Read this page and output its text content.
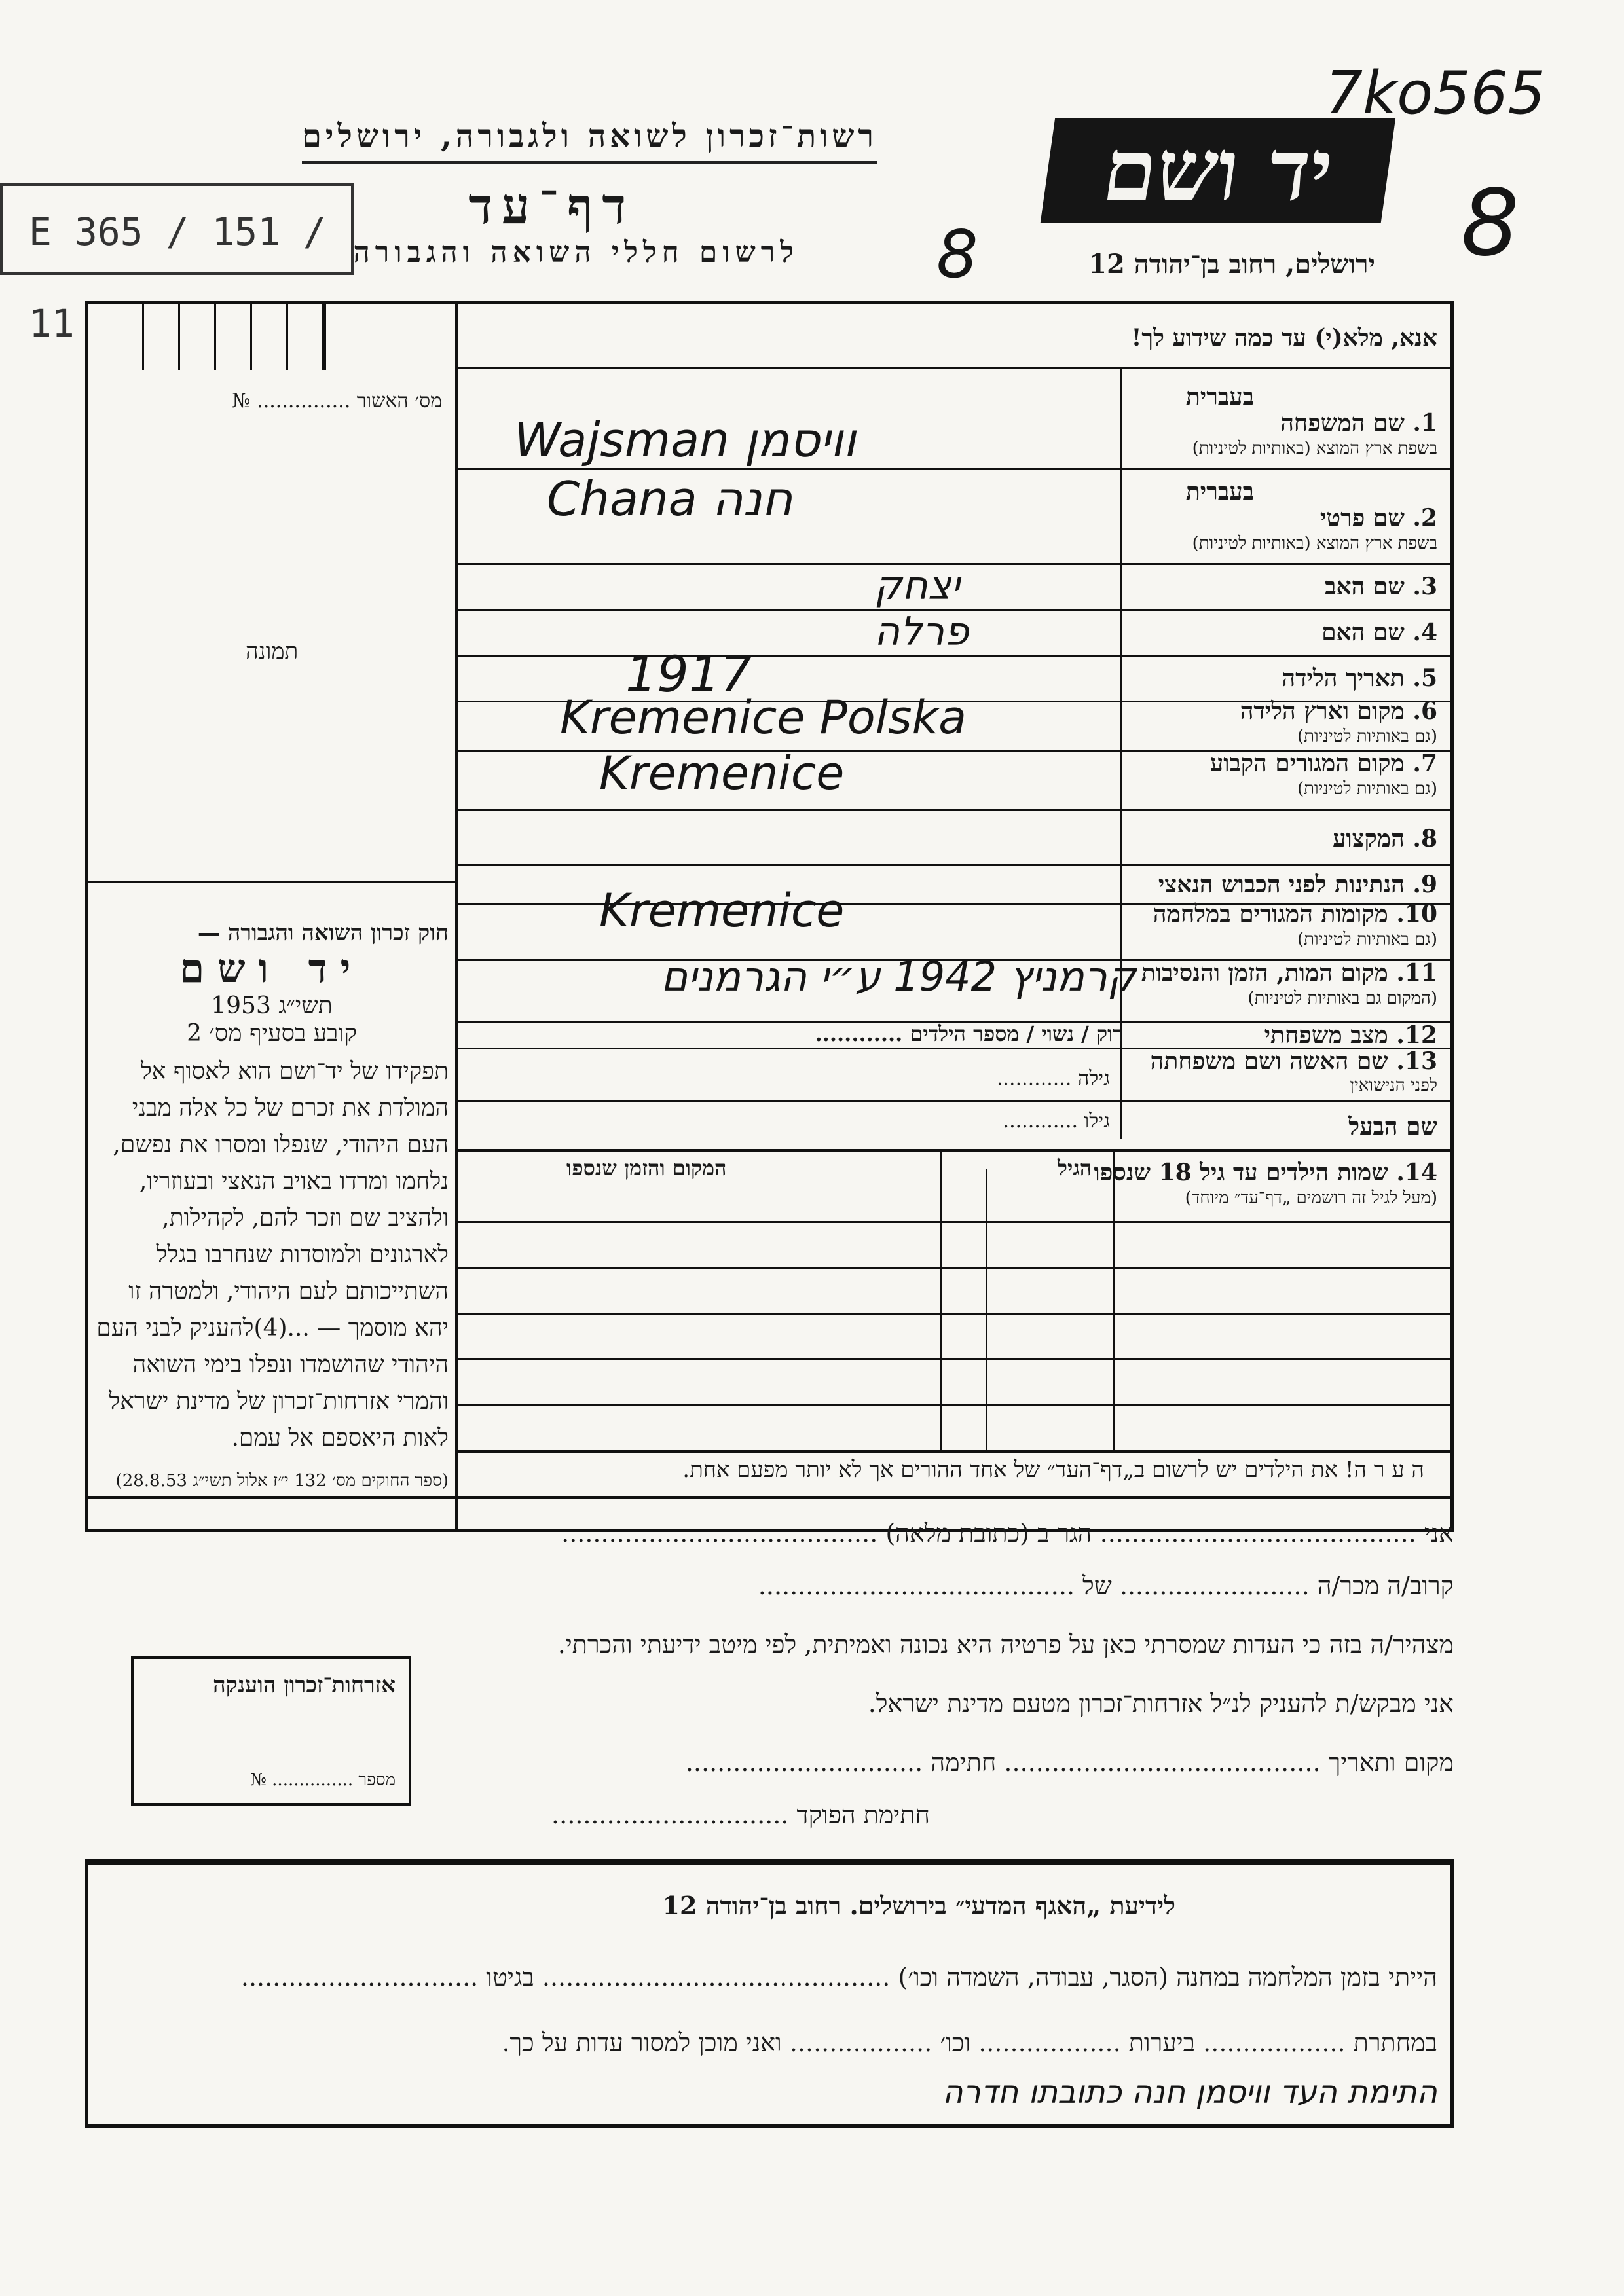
יד ושם
רשות־זכרון לשואה ולגבורה, ירושלים
דף־עד
לרשום חללי השואה והגבורה	ירושלים, רחוב בן־יהודה 12
E 365 / 151 / 11
7ko565
8
8
מס׳ האשור ............... №
תמונה
חוק זכרון השואה והגבורה —
יד ושם
תשי״ג 1953
קובע בסעיף מס׳ 2
תפקידו של יד־ושם הוא לאסוף אל המולדת את זכרם של כל אלה מבני העם היהודי, שנפלו ומסרו את נפשם, נלחמו ומרדו באויב הנאצי ובעוזריו, ולהציב שם וזכר להם, לקהילות, לארגונים ולמוסדות שנחרבו בגלל השתייכותם לעם היהודי, ולמטרה זו יהא מוסמך — ...(4)להעניק לבני העם היהודי שהושמדו ונפלו בימי השואה והמרי אזרחות־זכרון של מדינת ישראל לאות היאספם אל עמם.
(ספר החוקים מס׳ 132 י״ז אלול תשי״ג 28.8.53)
אנא, מלא(י) עד כמה שידוע לך!
בעברית
1. שם המשפחה
בשפת ארץ המוצא (באותיות לטיניות)
Wajsman וויסמן
בעברית
2. שם פרטי
בשפת ארץ המוצא (באותיות לטיניות)
Chana חנה
3. שם האב
יצחק
4. שם האם
פרלה
5. תאריך הלידה
1917
6. מקום וארץ הלידה
(גם באותיות לטיניות)
Kremenice Polska
7. מקום המגורים הקבוע
(גם באותיות לטיניות)
Kremenice
8. המקצוע
9. הנתינות לפני הכבוש הנאצי
10. מקומות המגורים במלחמה
(גם באותיות לטיניות)
Kremenice
11. מקום המות, הזמן והנסיבות
(המקום גם באותיות לטיניות)
קרמניץ 1942 ע״י הגרמנים
12. מצב משפחתי
רוק / נשוי / מספר הילדים ............
13. שם האשה ושם משפחתה
לפני הנישואין
גילה ............
שם הבעל
גילו ............
14. שמות הילדים עד גיל 18 שנספו
(מעל לגיל זה רושמים „דף־עד״ מיוחד)
הגיל
המקום והזמן שנספו
ה ע ר ה! את הילדים יש לרשום ב„דף־העד״ של אחד ההורים אך לא יותר מפעם אחת.
אני ........................................ הגר ב (כתובת מלאה) ........................................
קרוב/ה מכר/ה ........................ של ........................................
מצהיר/ה בזה כי העדות שמסרתי כאן על פרטיה היא נכונה ואמיתית, לפי מיטב ידיעתי והכרתי.
אני מבקש/ת להעניק לנ״ל אזרחות־זכרון מטעם מדינת ישראל.
מקום ותאריך ........................................ חתימה ..............................
חתימת הפוקד ..............................
אזרחות־זכרון הוענקה
מספר ............... №
לידיעת „האגף המדעי״ בירושלים. רחוב בן־יהודה 12
הייתי בזמן המלחמה במחנה (הסגר, עבודה, השמדה וכו׳) ............................................ בגיטו ..............................
במחתרת .................. ביערות .................. וכו׳ .................. ואני מוכן למסור עדות על כך.
התימת העד וויסמן חנה כתובתו חדרה
